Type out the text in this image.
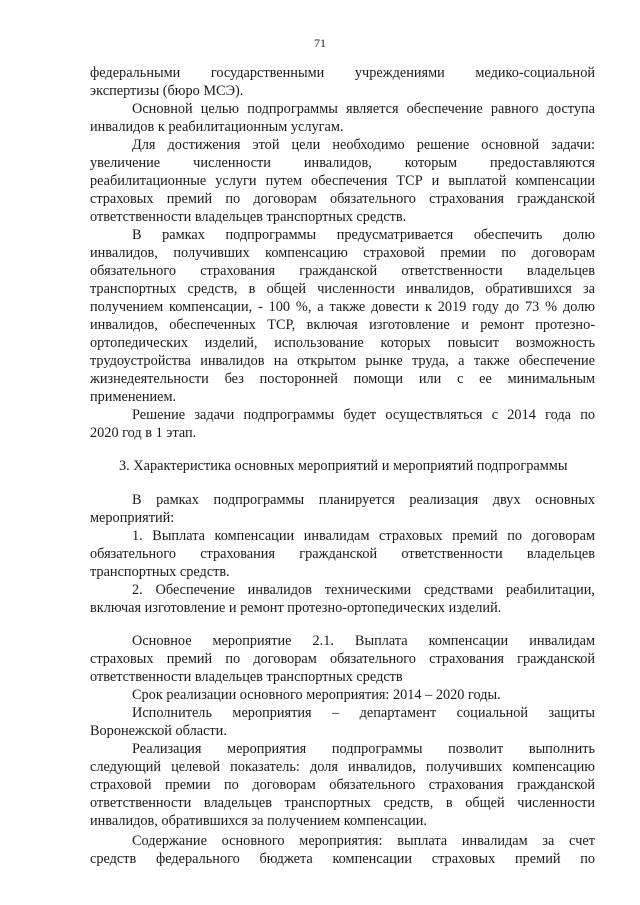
71
федеральными государственными учреждениями медико-социальной
экспертизы (бюро МСЭ).
Основной целью подпрограммы является обеспечение равного доступа
инвалидов к реабилитационным услугам.
Для достижения этой цели необходимо решение основной задачи:
увеличение численности инвалидов, которым предоставляются
реабилитационные услуги путем обеспечения ТСР и выплатой компенсации
страховых премий по договорам обязательного страхования гражданской
ответственности владельцев транспортных средств.
В рамках подпрограммы предусматривается обеспечить долю
инвалидов, получивших компенсацию страховой премии по договорам
обязательного страхования гражданской ответственности владельцев
транспортных средств, в общей численности инвалидов, обратившихся за
получением компенсации, - 100 %, а также довести к 2019 году до 73 % долю
инвалидов, обеспеченных ТСР, включая изготовление и ремонт протезно-
ортопедических изделий, использование которых повысит возможность
трудоустройства инвалидов на открытом рынке труда, а также обеспечение
жизнедеятельности без посторонней помощи или с ее минимальным
применением.
Решение задачи подпрограммы будет осуществляться с 2014 года по
2020 год в 1 этап.
3. Характеристика основных мероприятий и мероприятий подпрограммы
В рамках подпрограммы планируется реализация двух основных
мероприятий:
1. Выплата компенсации инвалидам страховых премий по договорам
обязательного страхования гражданской ответственности владельцев
транспортных средств.
2. Обеспечение инвалидов техническими средствами реабилитации,
включая изготовление и ремонт протезно-ортопедических изделий.
Основное мероприятие 2.1. Выплата компенсации инвалидам
страховых премий по договорам обязательного страхования гражданской
ответственности владельцев транспортных средств
Срок реализации основного мероприятия: 2014 – 2020 годы.
Исполнитель мероприятия – департамент социальной защиты
Воронежской области.
Реализация мероприятия подпрограммы позволит выполнить
следующий целевой показатель: доля инвалидов, получивших компенсацию
страховой премии по договорам обязательного страхования гражданской
ответственности владельцев транспортных средств, в общей численности
инвалидов, обратившихся за получением компенсации.
Содержание основного мероприятия: выплата инвалидам за счет
средств федерального бюджета компенсации страховых премий по
